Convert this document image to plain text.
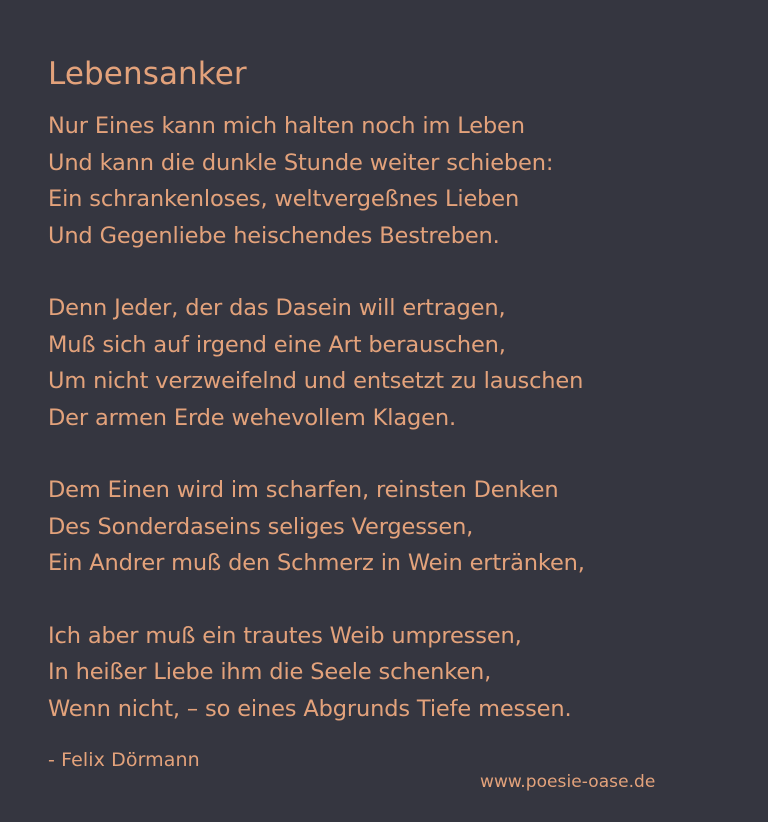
Lebensanker

Nur Eines kann mich halten noch im Leben
Und kann die dunkle Stunde weiter schieben:
Ein schrankenloses, weltvergeßnes Lieben
Und Gegenliebe heischendes Bestreben.

Denn Jeder, der das Dasein will ertragen,
Muß sich auf irgend eine Art berauschen,
Um nicht verzweifelnd und entsetzt zu lauschen
Der armen Erde wehevollem Klagen.

Dem Einen wird im scharfen, reinsten Denken
Des Sonderdaseins seliges Vergessen,
Ein Andrer muß den Schmerz in Wein ertränken,

Ich aber muß ein trautes Weib umpressen,
In heißer Liebe ihm die Seele schenken,
Wenn nicht, – so eines Abgrunds Tiefe messen.

- Felix Dörmann
www.poesie-oase.de
